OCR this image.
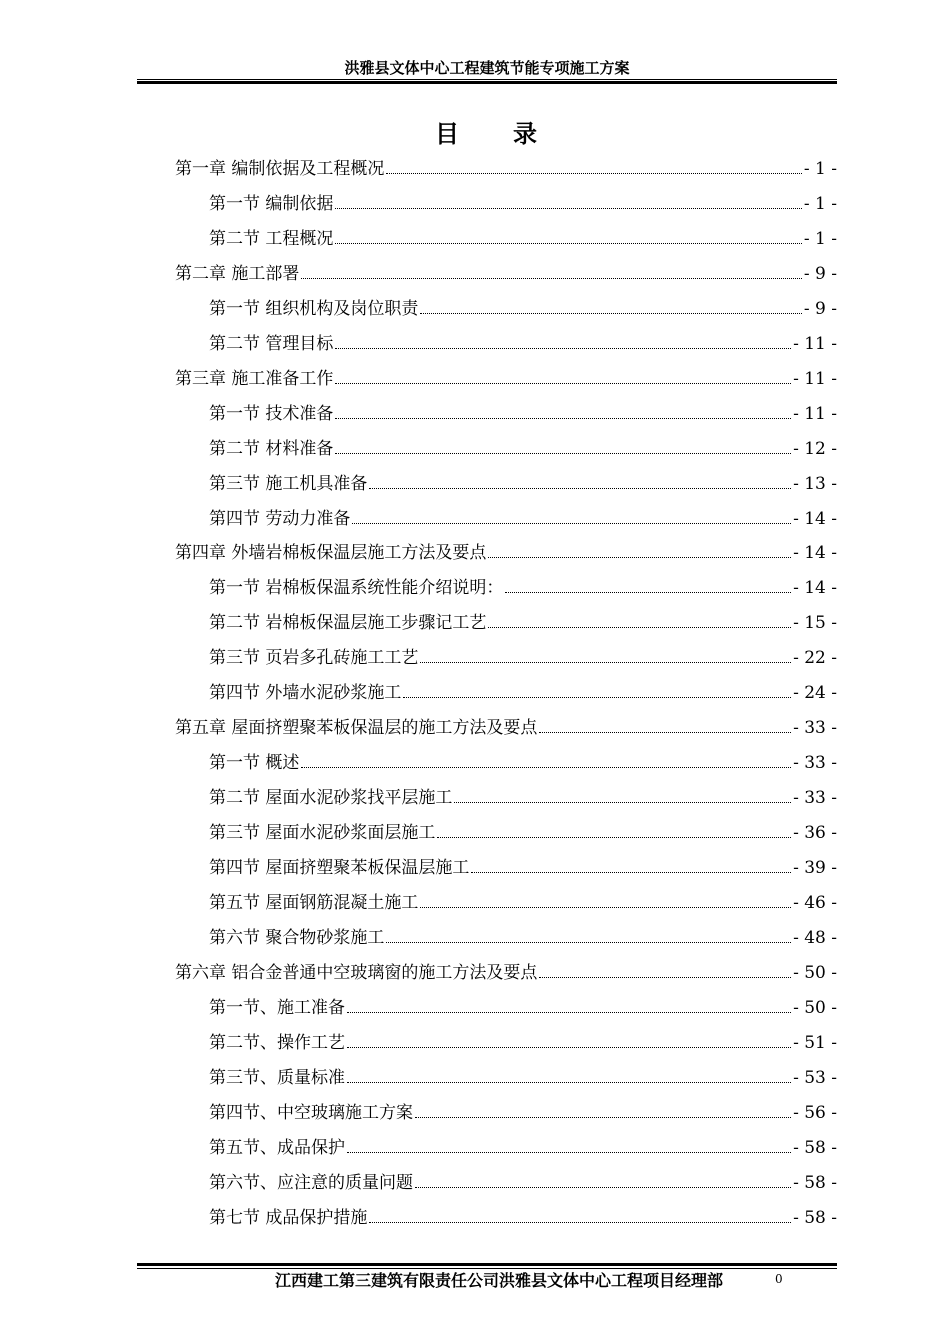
洪雅县文体中心工程建筑节能专项施工方案
目 录
第一章 编制依据及工程概况	- 1 -
第一节 编制依据	- 1 -
第二节 工程概况	- 1 -
第二章 施工部署	- 9 -
第一节 组织机构及岗位职责	- 9 -
第二节 管理目标	- 11 -
第三章 施工准备工作	- 11 -
第一节 技术准备	- 11 -
第二节 材料准备	- 12 -
第三节 施工机具准备	- 13 -
第四节 劳动力准备	- 14 -
第四章 外墙岩棉板保温层施工方法及要点	- 14 -
第一节 岩棉板保温系统性能介绍说明：	- 14 -
第二节 岩棉板保温层施工步骤记工艺	- 15 -
第三节 页岩多孔砖施工工艺	- 22 -
第四节 外墙水泥砂浆施工	- 24 -
第五章 屋面挤塑聚苯板保温层的施工方法及要点	- 33 -
第一节 概述	- 33 -
第二节 屋面水泥砂浆找平层施工	- 33 -
第三节 屋面水泥砂浆面层施工	- 36 -
第四节 屋面挤塑聚苯板保温层施工	- 39 -
第五节 屋面钢筋混凝土施工	- 46 -
第六节 聚合物砂浆施工	- 48 -
第六章 铝合金普通中空玻璃窗的施工方法及要点	- 50 -
第一节、施工准备	- 50 -
第二节、操作工艺	- 51 -
第三节、质量标准	- 53 -
第四节、中空玻璃施工方案	- 56 -
第五节、成品保护	- 58 -
第六节、应注意的质量问题	- 58 -
第七节 成品保护措施	- 58 -
江西建工第三建筑有限责任公司洪雅县文体中心工程项目经理部	0
